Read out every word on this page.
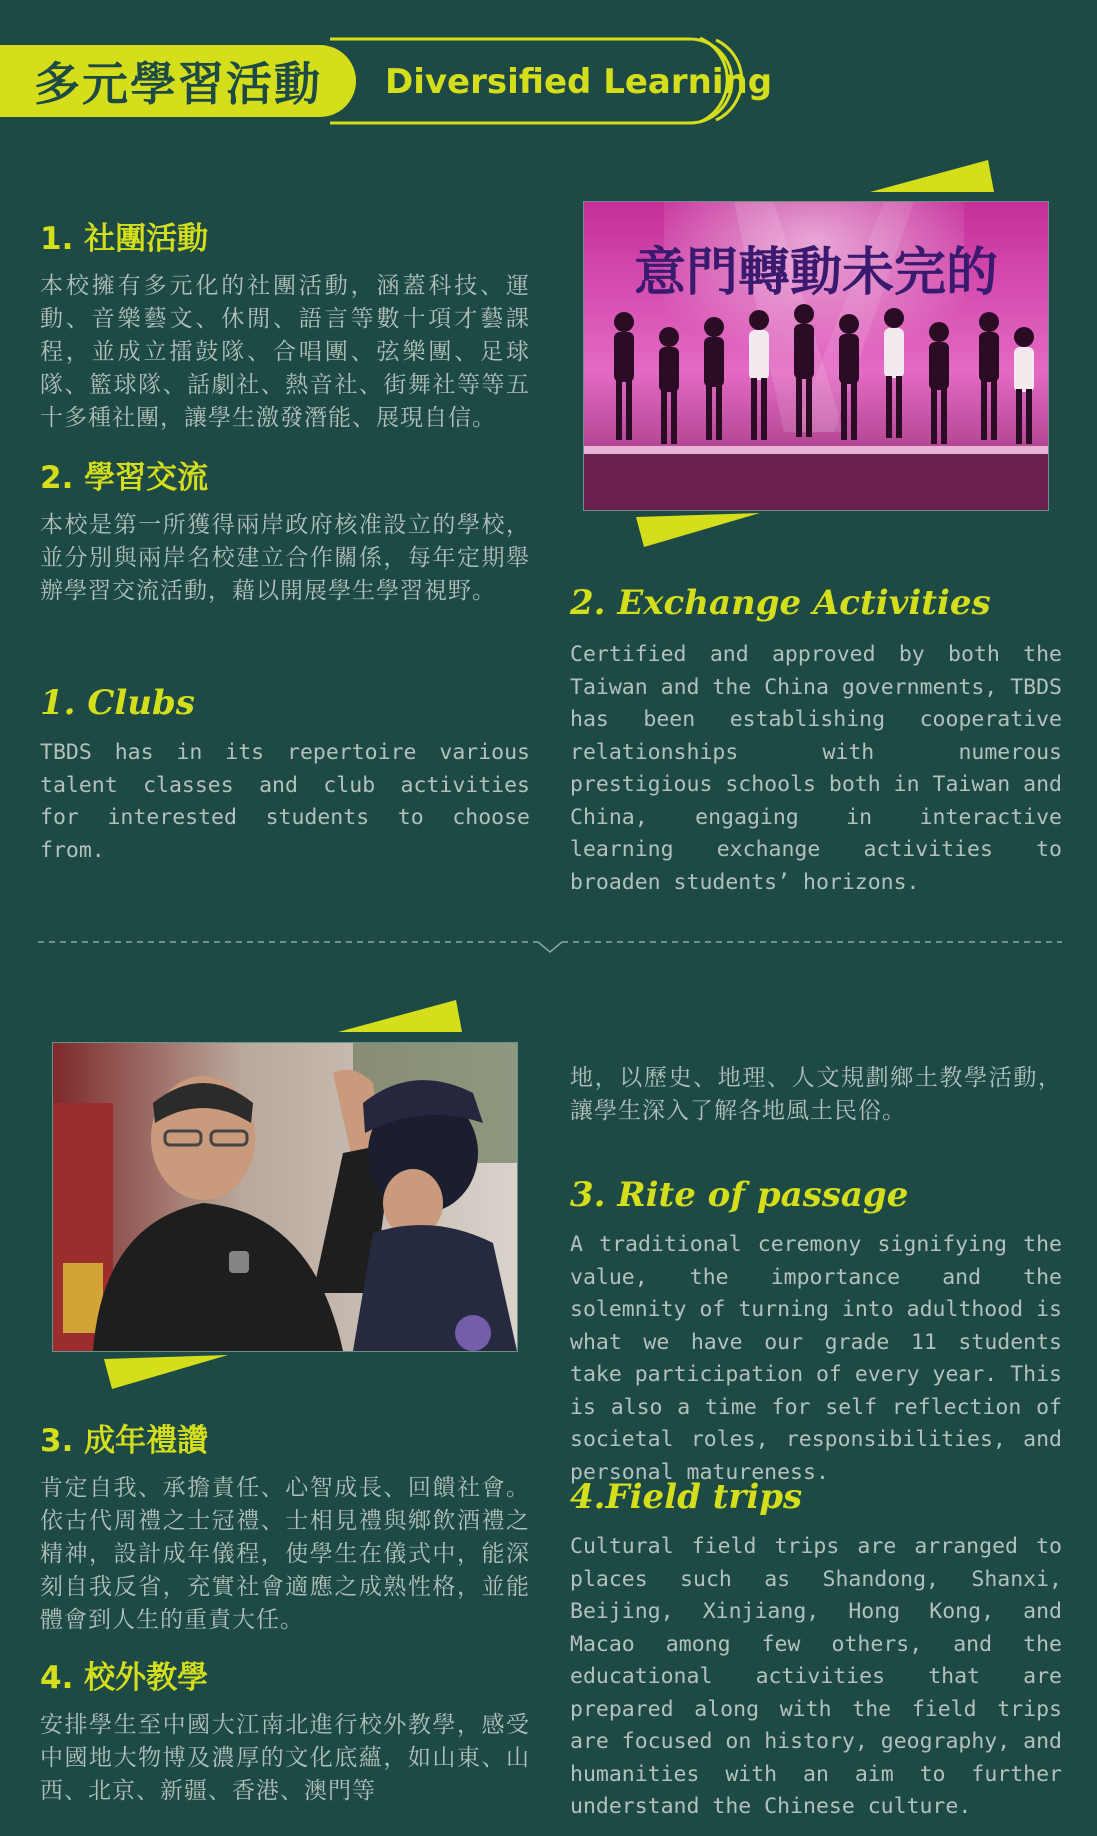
多元學習活動 Diversified Learning
1. 社團活動

本校擁有多元化的社團活動，涵蓋科技、運動、音樂藝文、休閒、語言等數十項才藝課程，並成立擂鼓隊、合唱團、弦樂團、足球隊、籃球隊、話劇社、熱音社、街舞社等等五十多種社團，讓學生激發潛能、展現自信。

2. 學習交流

本校是第一所獲得兩岸政府核准設立的學校，並分別與兩岸名校建立合作關係，每年定期舉辦學習交流活動，藉以開展學生學習視野。

1. Clubs

TBDS has in its repertoire various talent classes and club activities for interested students to choose from.

意門轉動未完的
2. Exchange Activities

Certified and approved by both the Taiwan and the China governments, TBDS has been establishing cooperative relationships with numerous prestigious schools both in Taiwan and China, engaging in interactive learning exchange activities to broaden students’ horizons.

3. 成年禮讚

肯定自我、承擔責任、心智成長、回饋社會。依古代周禮之士冠禮、士相見禮與鄉飲酒禮之精神，設計成年儀程，使學生在儀式中，能深刻自我反省，充實社會適應之成熟性格，並能體會到人生的重責大任。

4. 校外教學

安排學生至中國大江南北進行校外教學，感受中國地大物博及濃厚的文化底蘊，如山東、山西、北京、新疆、香港、澳門等

地，以歷史、地理、人文規劃鄉土教學活動，讓學生深入了解各地風土民俗。

3. Rite of passage

A traditional ceremony signifying the value, the importance and the solemnity of turning into adulthood is what we have our grade 11 students take participation of every year. This is also a time for self reflection of societal roles, responsibilities, and personal matureness.

4.Field trips

Cultural field trips are arranged to places such as Shandong, Shanxi, Beijing, Xinjiang, Hong Kong, and Macao among few others, and the educational activities that are prepared along with the field trips are focused on history, geography, and humanities with an aim to further understand the Chinese culture.
